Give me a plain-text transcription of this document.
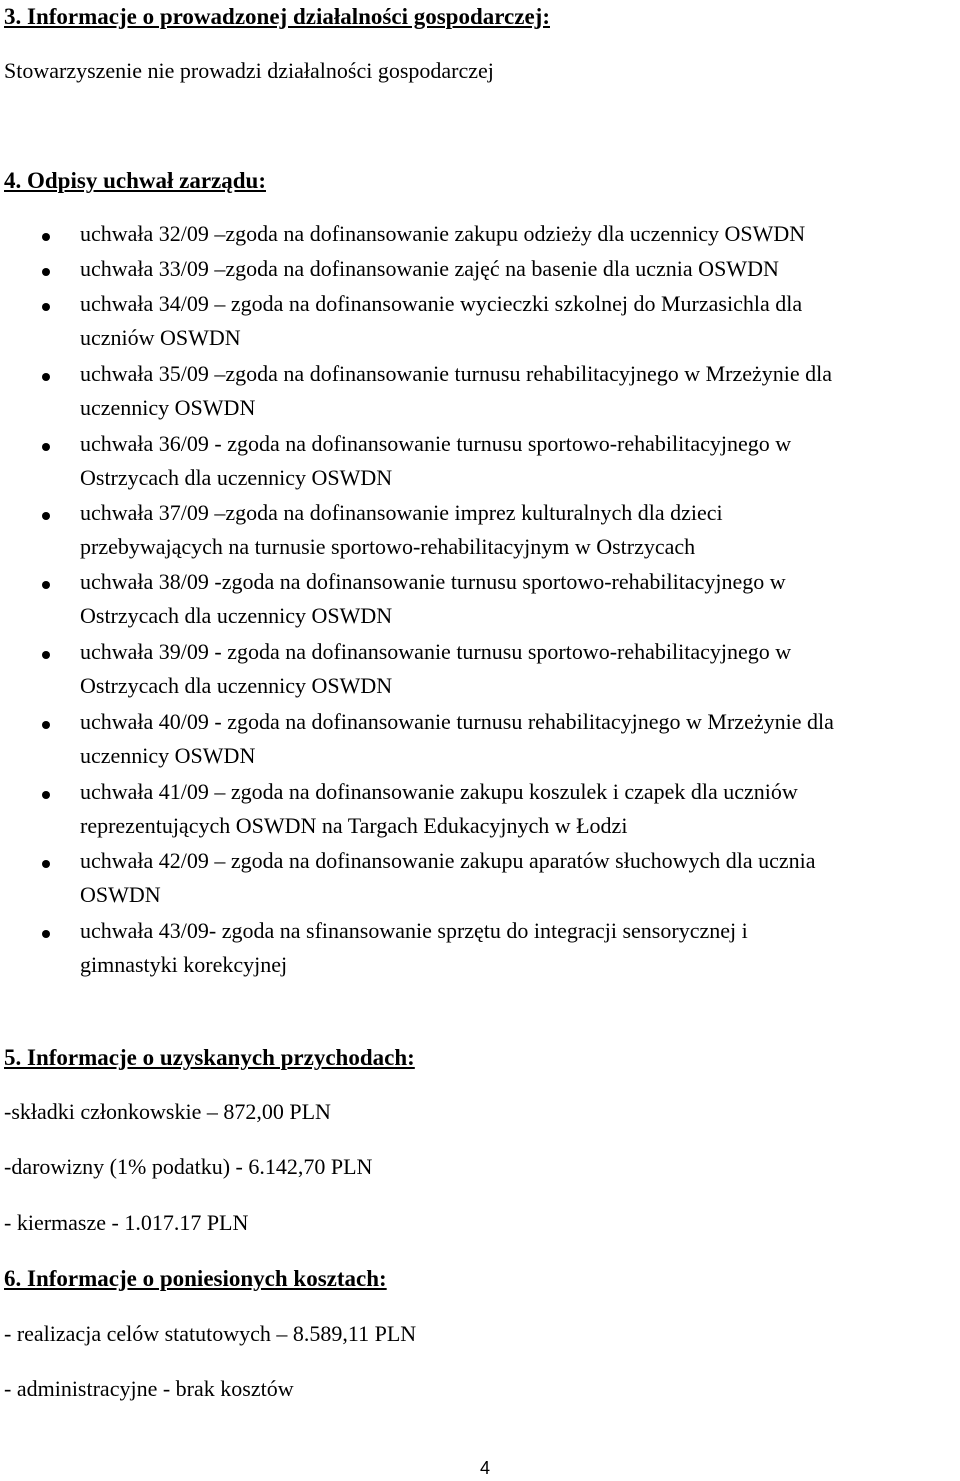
3. Informacje o prowadzonej działalności gospodarczej:
Stowarzyszenie nie prowadzi działalności gospodarczej
4. Odpisy uchwał zarządu:
uchwała 32/09 –zgoda na dofinansowanie zakupu odzieży dla uczennicy OSWDN
uchwała 33/09 –zgoda na dofinansowanie zajęć na basenie dla ucznia OSWDN
uchwała 34/09 – zgoda na dofinansowanie wycieczki szkolnej do Murzasichla dla
uczniów OSWDN
uchwała 35/09 –zgoda na dofinansowanie turnusu rehabilitacyjnego w Mrzeżynie dla
uczennicy OSWDN
uchwała 36/09 - zgoda na dofinansowanie turnusu sportowo-rehabilitacyjnego w
Ostrzycach dla uczennicy OSWDN
uchwała 37/09 –zgoda na dofinansowanie imprez kulturalnych dla dzieci
przebywających na turnusie sportowo-rehabilitacyjnym w Ostrzycach
uchwała 38/09 -zgoda na dofinansowanie turnusu sportowo-rehabilitacyjnego w
Ostrzycach dla uczennicy OSWDN
uchwała 39/09 - zgoda na dofinansowanie turnusu sportowo-rehabilitacyjnego w
Ostrzycach dla uczennicy OSWDN
uchwała 40/09 - zgoda na dofinansowanie turnusu rehabilitacyjnego w Mrzeżynie dla
uczennicy OSWDN
uchwała 41/09 – zgoda na dofinansowanie zakupu koszulek i czapek dla uczniów
reprezentujących OSWDN na Targach Edukacyjnych w Łodzi
uchwała 42/09 – zgoda na dofinansowanie zakupu aparatów słuchowych dla ucznia
OSWDN
uchwała 43/09- zgoda na sfinansowanie sprzętu do integracji sensorycznej i
gimnastyki korekcyjnej
5. Informacje o uzyskanych przychodach:
-składki członkowskie – 872,00 PLN
-darowizny (1% podatku) - 6.142,70 PLN
- kiermasze - 1.017.17 PLN
6. Informacje o poniesionych kosztach:
- realizacja celów statutowych – 8.589,11 PLN
- administracyjne - brak kosztów
4
